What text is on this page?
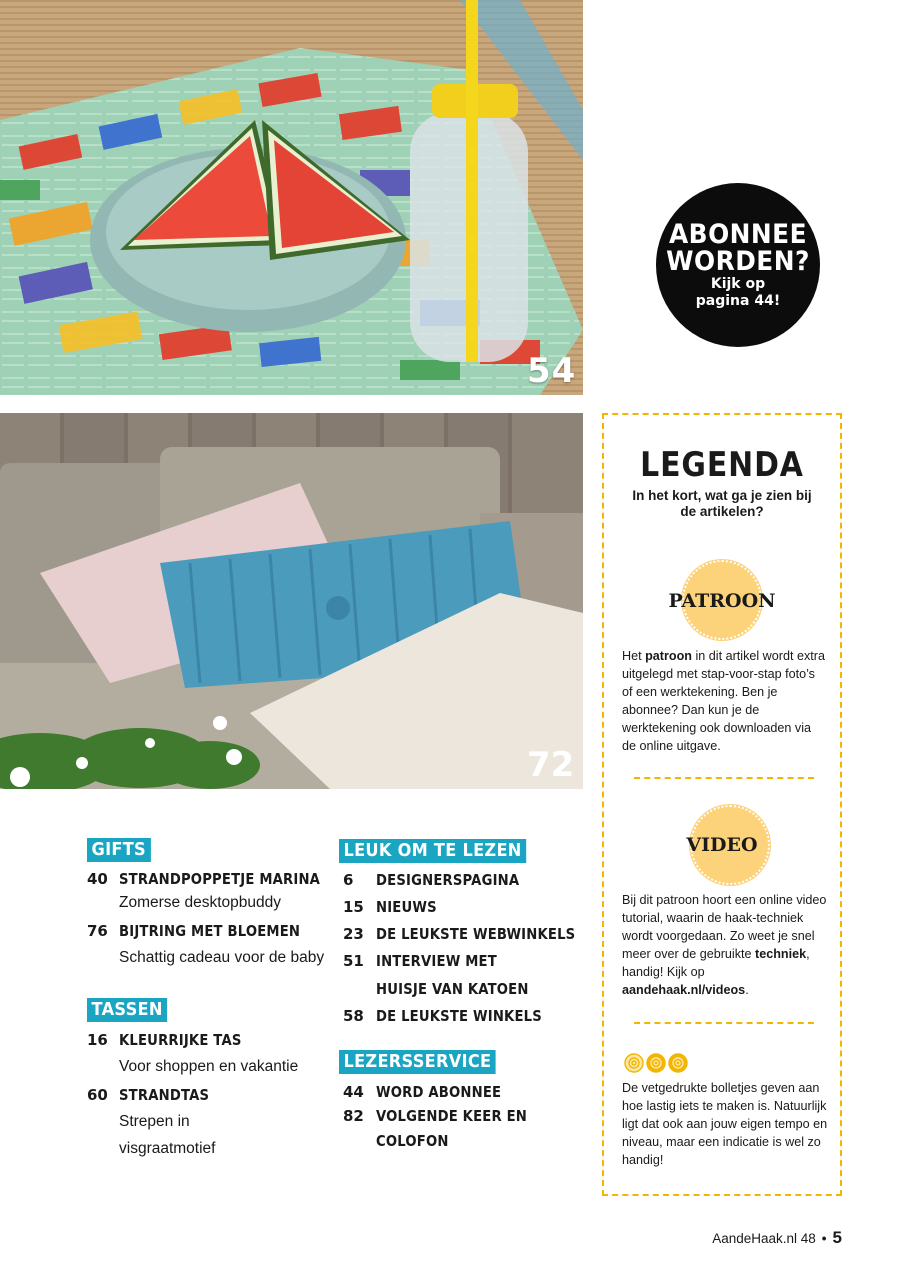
54
72
ABONNEE
WORDEN?
Kijk op
pagina 44!
LEGENDA
In het kort, wat ga je zien bij de artikelen?
PATROON
Het patroon in dit artikel wordt extra uitgelegd met stap-voor-stap foto’s of een werktekening. Ben je abonnee? Dan kun je de werktekening ook downloaden via de online uitgave.
VIDEO
Bij dit patroon hoort een online video tutorial, waarin de haak-techniek wordt voorgedaan. Zo weet je snel meer over de gebruikte techniek, handig! Kijk op aandehaak.nl/videos.
De vetgedrukte bolletjes geven aan hoe lastig iets te maken is. Natuurlijk ligt dat ook aan jouw eigen tempo en niveau, maar een indicatie is wel zo handig!
GIFTS
40 STRANDPOPPETJE MARINA
Zomerse desktopbuddy
76 BIJTRING MET BLOEMEN
Schattig cadeau voor de baby
TASSEN
16 KLEURRIJKE TAS
Voor shoppen en vakantie
60 STRANDTAS
Strepen in
visgraatmotief
LEUK OM TE LEZEN
6	DESIGNERSPAGINA
15 NIEUWS
23 DE LEUKSTE WEBWINKELS
51 INTERVIEW MET
HUISJE VAN KATOEN
58 DE LEUKSTE WINKELS
LEZERSSERVICE
44 WORD ABONNEE
82 VOLGENDE KEER EN
COLOFON
AandeHaak.nl 48 • 5
